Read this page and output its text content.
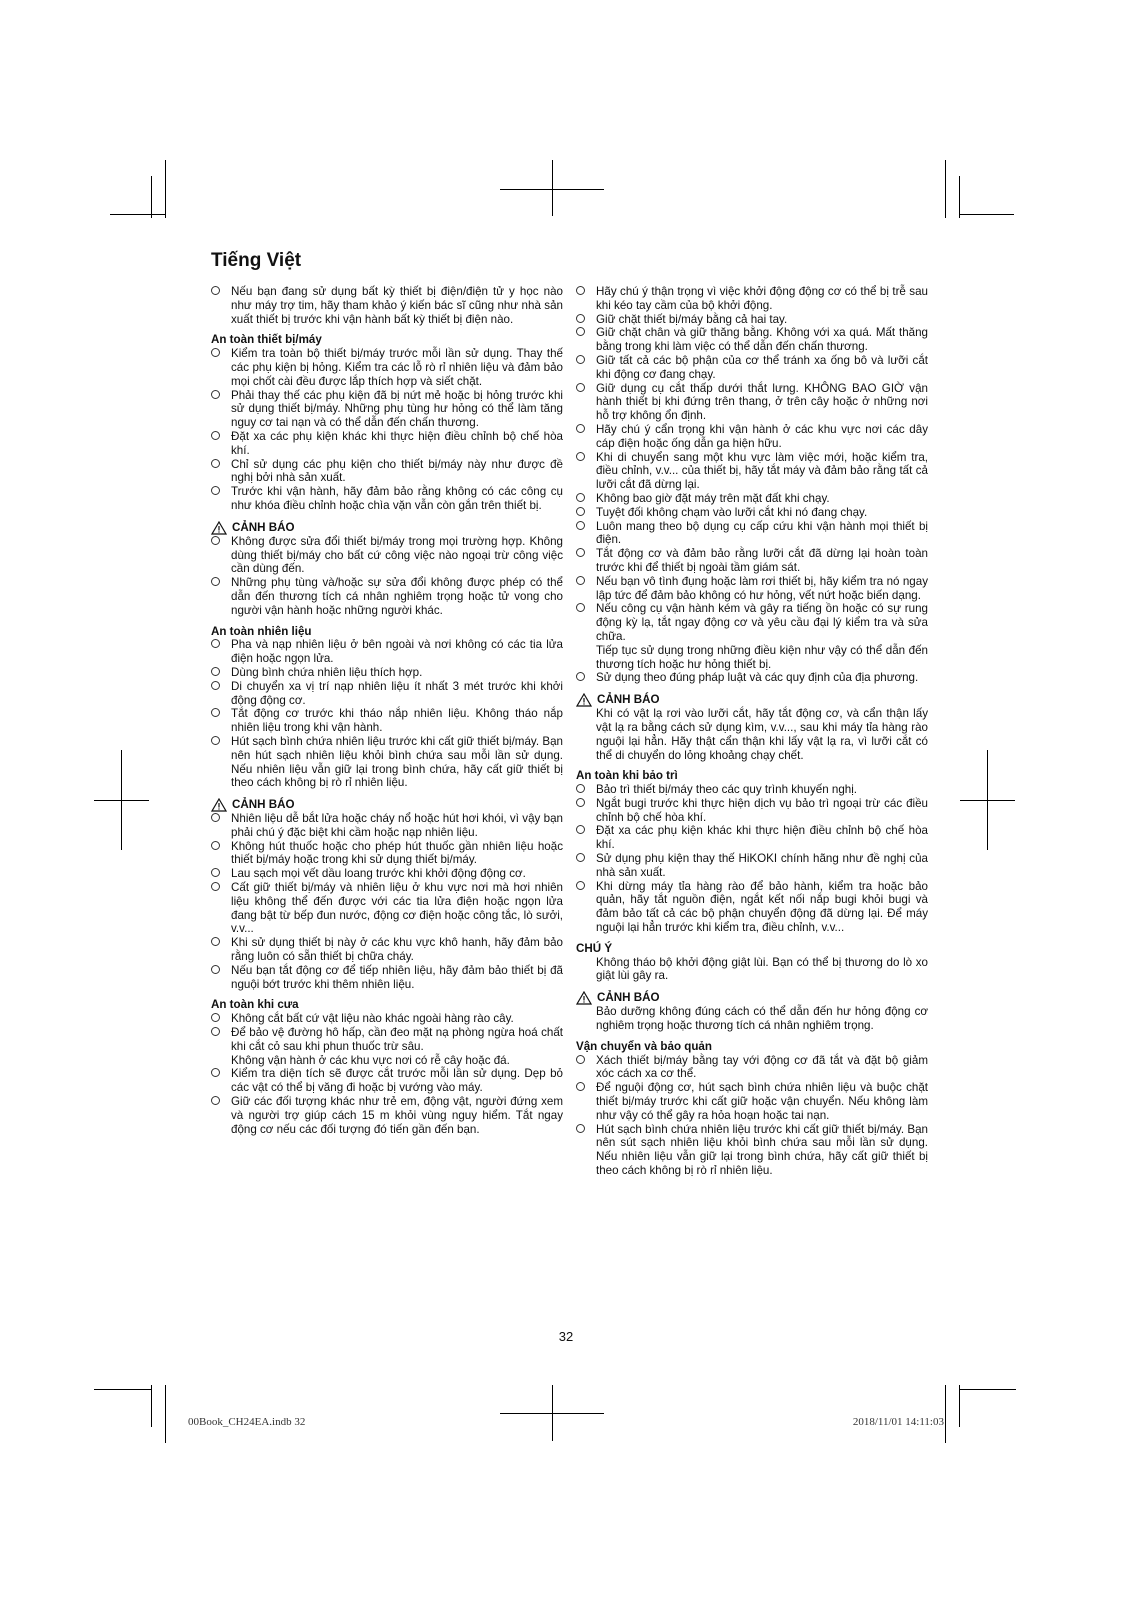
Tiếng Việt
Nếu bạn đang sử dụng bất kỳ thiết bị điện/điện tử y học nào như máy trợ tim, hãy tham khảo ý kiến bác sĩ cũng như nhà sản xuất thiết bị trước khi vận hành bất kỳ thiết bị điện nào.
An toàn thiết bị/máy
Kiểm tra toàn bộ thiết bị/máy trước mỗi lần sử dụng. Thay thế các phụ kiện bị hỏng. Kiểm tra các lỗ rò rỉ nhiên liệu và đảm bảo mọi chốt cài đều được lắp thích hợp và siết chặt.
Phải thay thế các phụ kiện đã bị nứt mẻ hoặc bị hỏng trước khi sử dụng thiết bị/máy. Những phụ tùng hư hỏng có thể làm tăng nguy cơ tai nạn và có thể dẫn đến chấn thương.
Đặt xa các phụ kiện khác khi thực hiện điều chỉnh bộ chế hòa khí.
Chỉ sử dụng các phụ kiện cho thiết bị/máy này như được đề nghị bởi nhà sản xuất.
Trước khi vận hành, hãy đảm bảo rằng không có các công cụ như khóa điều chỉnh hoặc chìa vặn vẫn còn gắn trên thiết bị.
CẢNH BÁO
Không được sửa đổi thiết bị/máy trong mọi trường hợp. Không dùng thiết bị/máy cho bất cứ công việc nào ngoại trừ công việc cần dùng đến.
Những phụ tùng và/hoặc sự sửa đổi không được phép có thể dẫn đến thương tích cá nhân nghiêm trọng hoặc tử vong cho người vận hành hoặc những người khác.
An toàn nhiên liệu
Pha và nạp nhiên liệu ở bên ngoài và nơi không có các tia lửa điện hoặc ngọn lửa.
Dùng bình chứa nhiên liệu thích hợp.
Di chuyển xa vị trí nạp nhiên liệu ít nhất 3 mét trước khi khởi động động cơ.
Tắt động cơ trước khi tháo nắp nhiên liệu. Không tháo nắp nhiên liệu trong khi vận hành.
Hút sạch bình chứa nhiên liệu trước khi cất giữ thiết bị/máy. Bạn nên hút sạch nhiên liệu khỏi bình chứa sau mỗi lần sử dụng. Nếu nhiên liệu vẫn giữ lại trong bình chứa, hãy cất giữ thiết bị theo cách không bị rò rỉ nhiên liệu.
CẢNH BÁO
Nhiên liệu dễ bắt lửa hoặc cháy nổ hoặc hút hơi khói, vì vậy bạn phải chú ý đặc biệt khi cầm hoặc nạp nhiên liệu.
Không hút thuốc hoặc cho phép hút thuốc gần nhiên liệu hoặc thiết bị/máy hoặc trong khi sử dụng thiết bị/máy.
Lau sạch mọi vết dầu loang trước khi khởi động động cơ.
Cất giữ thiết bị/máy và nhiên liệu ở khu vực nơi mà hơi nhiên liệu không thể đến được với các tia lửa điện hoặc ngọn lửa đang bật từ bếp đun nước, động cơ điện hoặc công tắc, lò sưởi, v.v...
Khi sử dụng thiết bị này ở các khu vực khô hanh, hãy đảm bảo rằng luôn có sẵn thiết bị chữa cháy.
Nếu bạn tắt động cơ để tiếp nhiên liệu, hãy đảm bảo thiết bị đã nguội bớt trước khi thêm nhiên liệu.
An toàn khi cưa
Không cắt bất cứ vật liệu nào khác ngoài hàng rào cây.
Để bảo vệ đường hô hấp, cần đeo mặt nạ phòng ngừa hoá chất khi cắt cỏ sau khi phun thuốc trừ sâu.
Không vận hành ở các khu vực nơi có rễ cây hoặc đá.
Kiểm tra diện tích sẽ được cắt trước mỗi lần sử dụng. Dẹp bỏ các vật có thể bị văng đi hoặc bị vướng vào máy.
Giữ các đối tượng khác như trẻ em, động vật, người đứng xem và người trợ giúp cách 15 m khỏi vùng nguy hiểm. Tắt ngay động cơ nếu các đối tượng đó tiến gần đến bạn.
Hãy chú ý thận trọng vì việc khởi động động cơ có thể bị trễ sau khi kéo tay cầm của bộ khởi động.
Giữ chặt thiết bị/máy bằng cả hai tay.
Giữ chặt chân và giữ thăng bằng. Không với xa quá. Mất thăng bằng trong khi làm việc có thể dẫn đến chấn thương.
Giữ tất cả các bộ phận của cơ thể tránh xa ống bô và lưỡi cắt khi động cơ đang chạy.
Giữ dụng cụ cắt thấp dưới thắt lưng. KHÔNG BAO GIỜ vận hành thiết bị khi đứng trên thang, ở trên cây hoặc ở những nơi hỗ trợ không ổn định.
Hãy chú ý cẩn trọng khi vận hành ở các khu vực nơi các dây cáp điện hoặc ống dẫn ga hiện hữu.
Khi di chuyển sang một khu vực làm việc mới, hoặc kiểm tra, điều chỉnh, v.v... của thiết bị, hãy tắt máy và đảm bảo rằng tất cả lưỡi cắt đã dừng lại.
Không bao giờ đặt máy trên mặt đất khi chạy.
Tuyệt đối không chạm vào lưỡi cắt khi nó đang chạy.
Luôn mang theo bộ dụng cụ cấp cứu khi vận hành mọi thiết bị điện.
Tắt động cơ và đảm bảo rằng lưỡi cắt đã dừng lại hoàn toàn trước khi để thiết bị ngoài tầm giám sát.
Nếu bạn vô tình đụng hoặc làm rơi thiết bị, hãy kiểm tra nó ngay lập tức để đảm bảo không có hư hỏng, vết nứt hoặc biến dạng.
Nếu công cụ vận hành kém và gây ra tiếng ồn hoặc có sự rung động kỳ lạ, tắt ngay động cơ và yêu cầu đại lý kiểm tra và sửa chữa.
Tiếp tục sử dụng trong những điều kiện như vậy có thể dẫn đến thương tích hoặc hư hỏng thiết bị.
Sử dụng theo đúng pháp luật và các quy định của địa phương.
CẢNH BÁO
Khi có vật lạ rơi vào lưỡi cắt, hãy tắt động cơ, và cẩn thận lấy vật lạ ra bằng cách sử dụng kìm, v.v..., sau khi máy tỉa hàng rào nguội lại hẳn. Hãy thật cẩn thận khi lấy vật lạ ra, vì lưỡi cắt có thể di chuyển do lỏng khoảng chạy chết.
An toàn khi bảo trì
Bảo trì thiết bị/máy theo các quy trình khuyến nghị.
Ngắt bugi trước khi thực hiện dịch vụ bảo trì ngoại trừ các điều chỉnh bộ chế hòa khí.
Đặt xa các phụ kiện khác khi thực hiện điều chỉnh bộ chế hòa khí.
Sử dụng phụ kiện thay thế HiKOKI chính hãng như đề nghị của nhà sản xuất.
Khi dừng máy tỉa hàng rào để bảo hành, kiểm tra hoặc bảo quản, hãy tắt nguồn điện, ngắt kết nối nắp bugi khỏi bugi và đảm bảo tất cả các bộ phận chuyển động đã dừng lại. Để máy nguội lại hẳn trước khi kiểm tra, điều chỉnh, v.v...
CHÚ Ý
Không tháo bộ khởi động giật lùi. Bạn có thể bị thương do lò xo giật lùi gây ra.
CẢNH BÁO
Bảo dưỡng không đúng cách có thể dẫn đến hư hỏng động cơ nghiêm trọng hoặc thương tích cá nhân nghiêm trọng.
Vận chuyển và bảo quản
Xách thiết bị/máy bằng tay với động cơ đã tắt và đặt bộ giảm xóc cách xa cơ thể.
Để nguội động cơ, hút sạch bình chứa nhiên liệu và buộc chặt thiết bị/máy trước khi cất giữ hoặc vận chuyển. Nếu không làm như vậy có thể gây ra hỏa hoạn hoặc tai nạn.
Hút sạch bình chứa nhiên liệu trước khi cất giữ thiết bị/máy. Bạn nên sút sạch nhiên liệu khỏi bình chứa sau mỗi lần sử dụng. Nếu nhiên liệu vẫn giữ lại trong bình chứa, hãy cất giữ thiết bị theo cách không bị rò rỉ nhiên liệu.
32
00Book_CH24EA.indb 32	2018/11/01 14:11:03
